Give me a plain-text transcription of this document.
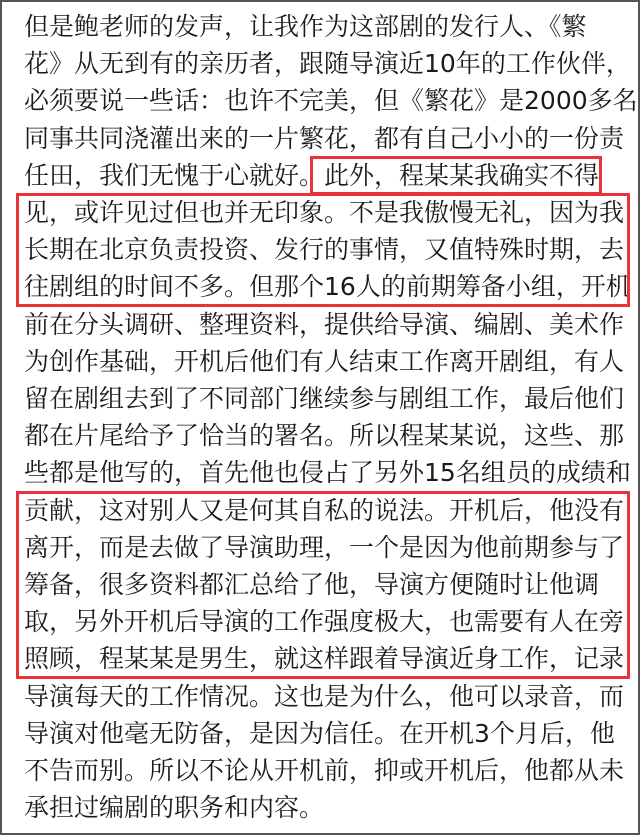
但是鲍老师的发声，让我作为这部剧的发行人、《繁
花》从无到有的亲历者，跟随导演近10年的工作伙伴，
必须要说一些话：也许不完美，但《繁花》是2000多名
同事共同浇灌出来的一片繁花，都有自己小小的一份责
任田，我们无愧于心就好。此外，程某某我确实不得
见，或许见过但也并无印象。不是我傲慢无礼，因为我
长期在北京负责投资、发行的事情，又值特殊时期，去
往剧组的时间不多。但那个16人的前期筹备小组，开机
前在分头调研、整理资料，提供给导演、编剧、美术作
为创作基础，开机后他们有人结束工作离开剧组，有人
留在剧组去到了不同部门继续参与剧组工作，最后他们
都在片尾给予了恰当的署名。所以程某某说，这些、那
些都是他写的，首先他也侵占了另外15名组员的成绩和
贡献，这对别人又是何其自私的说法。开机后，他没有
离开，而是去做了导演助理，一个是因为他前期参与了
筹备，很多资料都汇总给了他，导演方便随时让他调
取，另外开机后导演的工作强度极大，也需要有人在旁
照顾，程某某是男生，就这样跟着导演近身工作，记录
导演每天的工作情况。这也是为什么，他可以录音，而
导演对他毫无防备，是因为信任。在开机3个月后，他
不告而别。所以不论从开机前，抑或开机后，他都从未
承担过编剧的职务和内容。
